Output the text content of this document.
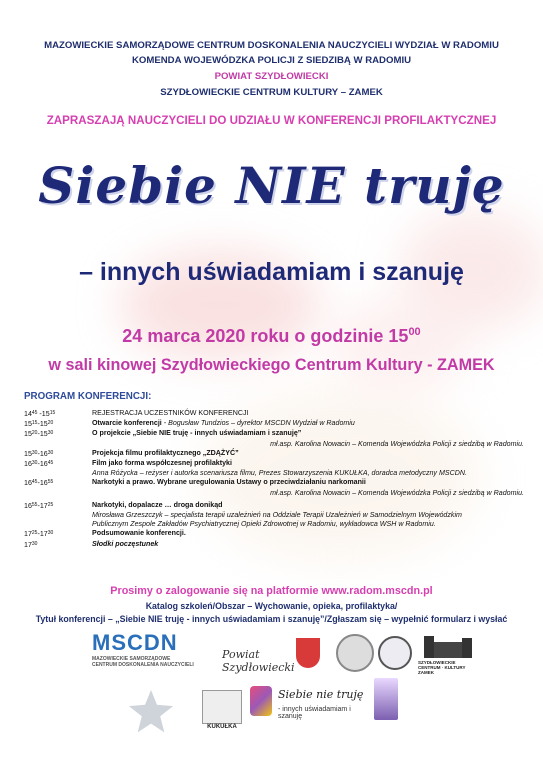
MAZOWIECKIE SAMORZĄDOWE CENTRUM DOSKONALENIA NAUCZYCIELI WYDZIAŁ W RADOMIU
KOMENDA WOJEWÓDZKA POLICJI Z SIEDZIBĄ W RADOMIU
POWIAT SZYDŁOWIECKI
SZYDŁOWIECKIE CENTRUM KULTURY – ZAMEK
ZAPRASZAJĄ NAUCZYCIELI DO UDZIAŁU W KONFERENCJI PROFILAKTYCZNEJ
Siebie NIE truję
– innych uświadamiam i szanuję
24 marca 2020 roku o godzinie $15^{00}$
w sali kinowej Szydłowieckiego Centrum Kultury - ZAMEK
PROGRAM KONFERENCJI:
$14^{45}$ $-15^{15}$	REJESTRACJA UCZESTNIKÓW KONFERENCJI
$15^{15}-15^{20}$	Otwarcie konferencji - Bogusław Tundzios – dyrektor MSCDN Wydział w Radomiu
$15^{20}-15^{30}$	O projekcie „Siebie NIE truję - innych uświadamiam i szanuję”
mł.asp. Karolina Nowacin – Komenda Wojewódzka Policji z siedzibą w Radomiu.
$15^{30}-16^{30}$	Projekcja filmu profilaktycznego „ZDĄŻYĆ”
$16^{30}-16^{45}$	Film jako forma współczesnej profilaktyki
Anna Różycka – reżyser i autorka scenariusza filmu, Prezes Stowarzyszenia KUKUŁKA, doradca metodyczny MSCDN.
$16^{45}-16^{55}$	Narkotyki a prawo. Wybrane uregulowania Ustawy o przeciwdziałaniu narkomanii
mł.asp. Karolina Nowacin – Komenda Wojewódzka Policji z siedzibą w Radomiu.
$16^{55}-17^{25}$	Narkotyki, dopalacze … droga donikąd
Mirosława Grzeszczyk – specjalista terapii uzależnień na Oddziale Terapii Uzależnień w Samodzielnym Wojewódzkim
Publicznym Zespole Zakładów Psychiatrycznej Opieki Zdrowotnej w Radomiu, wykładowca WSH w Radomiu.
$17^{25}-17^{30}$	Podsumowanie konferencji.
$17^{30}$	Słodki poczęstunek
Prosimy o zalogowanie się na platformie www.radom.mscdn.pl
Katalog szkoleń/Obszar – Wychowanie, opieka, profilaktyka/
Tytuł konferencji – „Siebie NIE truję - innych uświadamiam i szanuję”/Zgłaszam się – wypełnić formularz i wysłać
MSCDN
MAZOWIECKIE SAMORZĄDOWE
CENTRUM DOSKONALENIA NAUCZYCIELI
Powiat Szydłowiecki	SZYDŁOWIECKIE
CENTRUM · KULTURY
ZAMEK
KUKUŁKA
Siebie nie truję
- innych uświadamiam i szanuję
